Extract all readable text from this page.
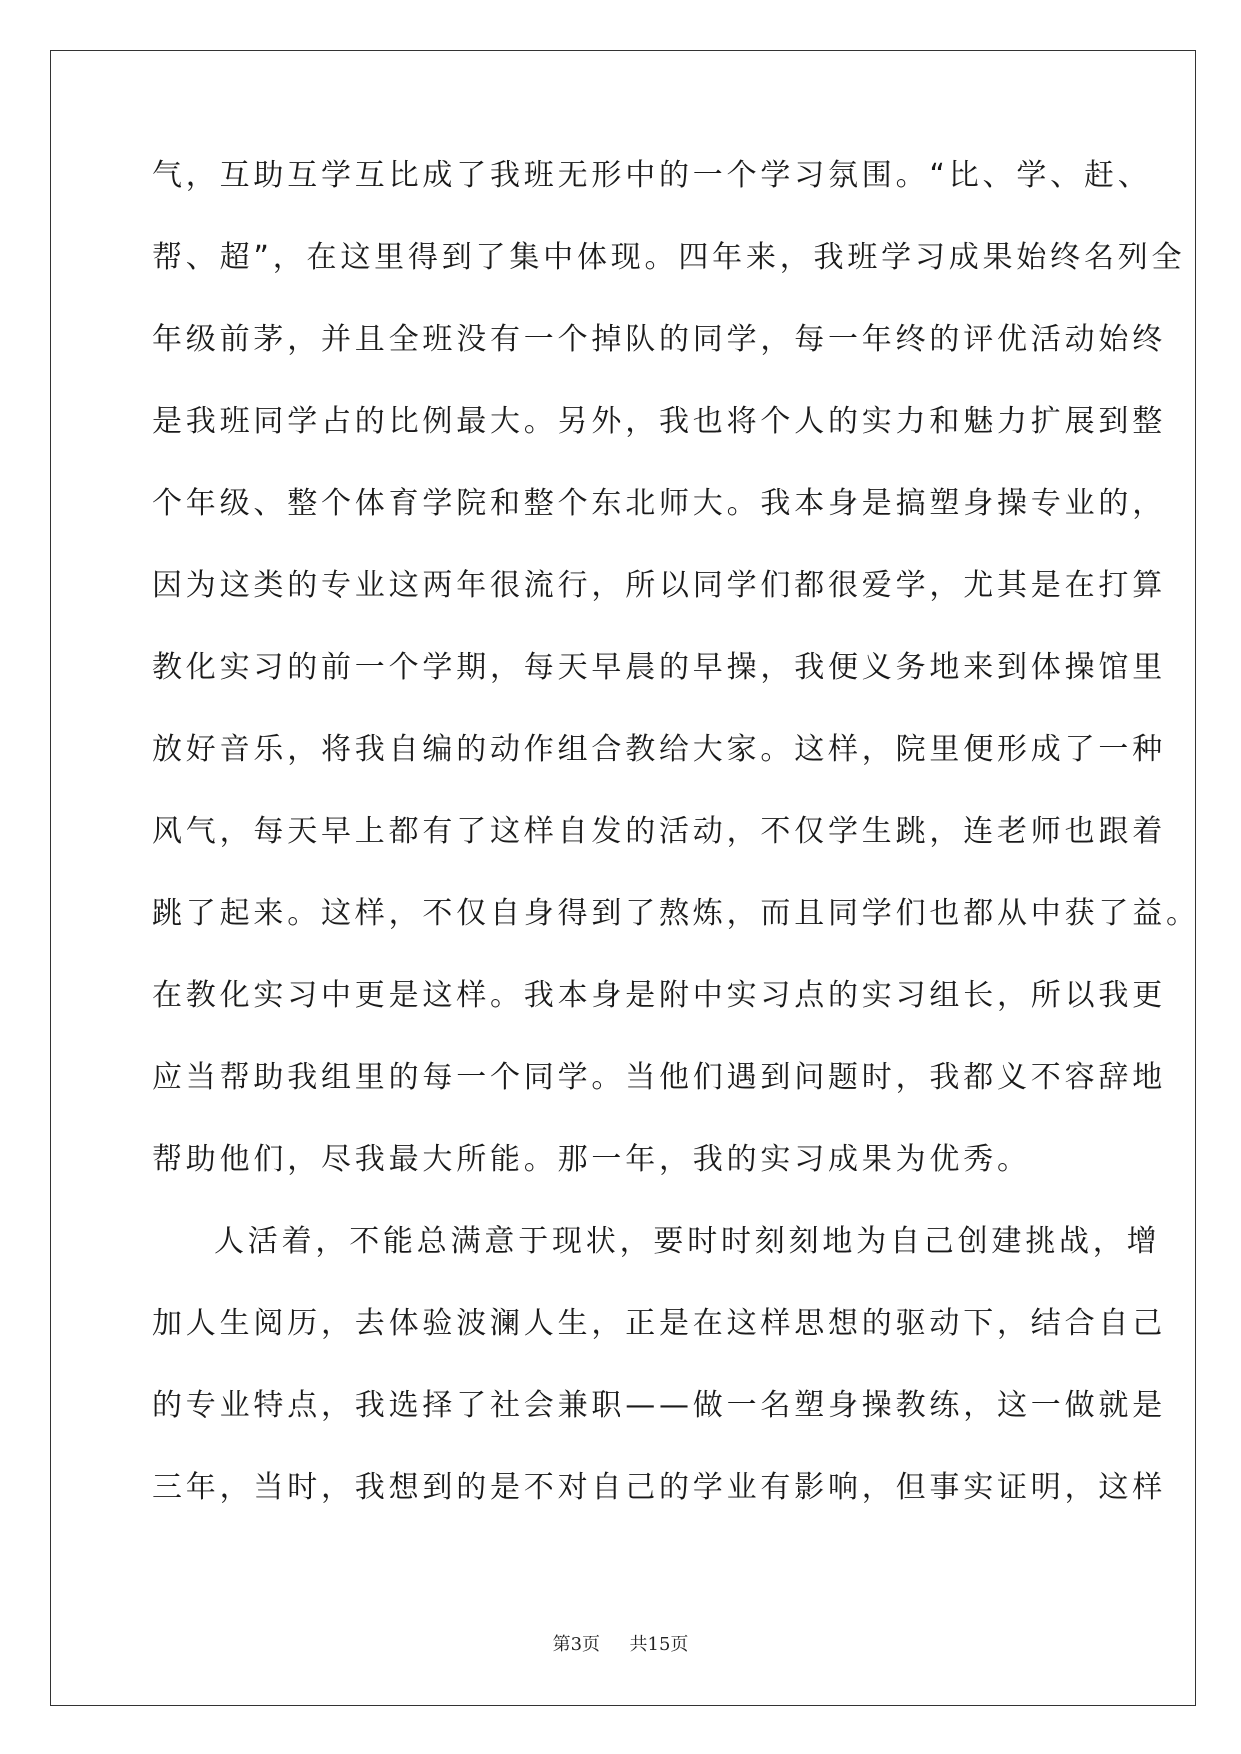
气，互助互学互比成了我班无形中的一个学习氛围。“比、学、赶、
帮、超”，在这里得到了集中体现。四年来，我班学习成果始终名列全
年级前茅，并且全班没有一个掉队的同学，每一年终的评优活动始终
是我班同学占的比例最大。另外，我也将个人的实力和魅力扩展到整
个年级、整个体育学院和整个东北师大。我本身是搞塑身操专业的，
因为这类的专业这两年很流行，所以同学们都很爱学，尤其是在打算
教化实习的前一个学期，每天早晨的早操，我便义务地来到体操馆里
放好音乐，将我自编的动作组合教给大家。这样，院里便形成了一种
风气，每天早上都有了这样自发的活动，不仅学生跳，连老师也跟着
跳了起来。这样，不仅自身得到了熬炼，而且同学们也都从中获了益。
在教化实习中更是这样。我本身是附中实习点的实习组长，所以我更
应当帮助我组里的每一个同学。当他们遇到问题时，我都义不容辞地
帮助他们，尽我最大所能。那一年，我的实习成果为优秀。
人活着，不能总满意于现状，要时时刻刻地为自己创建挑战，增
加人生阅历，去体验波澜人生，正是在这样思想的驱动下，结合自己
的专业特点，我选择了社会兼职——做一名塑身操教练，这一做就是
三年，当时，我想到的是不对自己的学业有影响，但事实证明，这样
第3页 共15页
